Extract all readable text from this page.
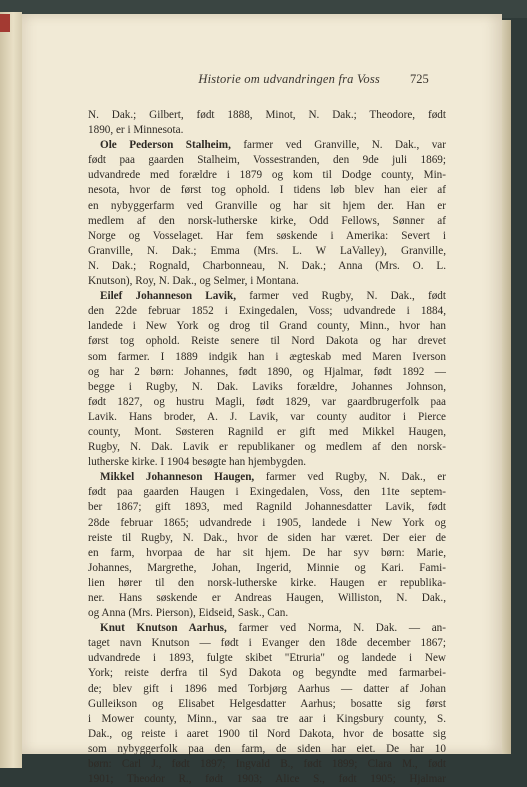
Historie om udvandringen fra Voss 725
N. Dak.; Gilbert, født 1888, Minot, N. Dak.; Theodore, født
1890, er i Minnesota.
Ole Pederson Stalheim, farmer ved Granville, N. Dak., var
født paa gaarden Stalheim, Vossestranden, den 9de juli 1869;
udvandrede med forældre i 1879 og kom til Dodge county, Min-
nesota, hvor de først tog ophold. I tidens løb blev han eier af
en nybyggerfarm ved Granville og har sit hjem der. Han er
medlem af den norsk-lutherske kirke, Odd Fellows, Sønner af
Norge og Vosselaget. Har fem søskende i Amerika: Severt i
Granville, N. Dak.; Emma (Mrs. L. W LaValley), Granville,
N. Dak.; Rognald, Charbonneau, N. Dak.; Anna (Mrs. O. L.
Knutson), Roy, N. Dak., og Selmer, i Montana.
Eilef Johanneson Lavik, farmer ved Rugby, N. Dak., født
den 22de februar 1852 i Exingedalen, Voss; udvandrede i 1884,
landede i New York og drog til Grand county, Minn., hvor han
først tog ophold. Reiste senere til Nord Dakota og har drevet
som farmer. I 1889 indgik han i ægteskab med Maren Iverson
og har 2 børn: Johannes, født 1890, og Hjalmar, født 1892 —
begge i Rugby, N. Dak. Laviks forældre, Johannes Johnson,
født 1827, og hustru Magli, født 1829, var gaardbrugerfolk paa
Lavik. Hans broder, A. J. Lavik, var county auditor i Pierce
county, Mont. Søsteren Ragnild er gift med Mikkel Haugen,
Rugby, N. Dak. Lavik er republikaner og medlem af den norsk-
lutherske kirke. I 1904 besøgte han hjembygden.
Mikkel Johanneson Haugen, farmer ved Rugby, N. Dak., er
født paa gaarden Haugen i Exingedalen, Voss, den 11te septem-
ber 1867; gift 1893, med Ragnild Johannesdatter Lavik, født
28de februar 1865; udvandrede i 1905, landede i New York og
reiste til Rugby, N. Dak., hvor de siden har været. Der eier de
en farm, hvorpaa de har sit hjem. De har syv børn: Marie,
Johannes, Margrethe, Johan, Ingerid, Minnie og Kari. Fami-
lien hører til den norsk-lutherske kirke. Haugen er republika-
ner. Hans søskende er Andreas Haugen, Williston, N. Dak.,
og Anna (Mrs. Pierson), Eidseid, Sask., Can.
Knut Knutson Aarhus, farmer ved Norma, N. Dak. — an-
taget navn Knutson — født i Evanger den 18de december 1867;
udvandrede i 1893, fulgte skibet "Etruria" og landede i New
York; reiste derfra til Syd Dakota og begyndte med farmarbei-
de; blev gift i 1896 med Torbjørg Aarhus — datter af Johan
Gulleikson og Elisabet Helgesdatter Aarhus; bosatte sig først
i Mower county, Minn., var saa tre aar i Kingsbury county, S.
Dak., og reiste i aaret 1900 til Nord Dakota, hvor de bosatte sig
som nybyggerfolk paa den farm, de siden har eiet. De har 10
børn: Carl J., født 1897; Ingvald B., født 1899; Clara M., født
1901; Theodor R., født 1903; Alice S., født 1905; Hjalmar
